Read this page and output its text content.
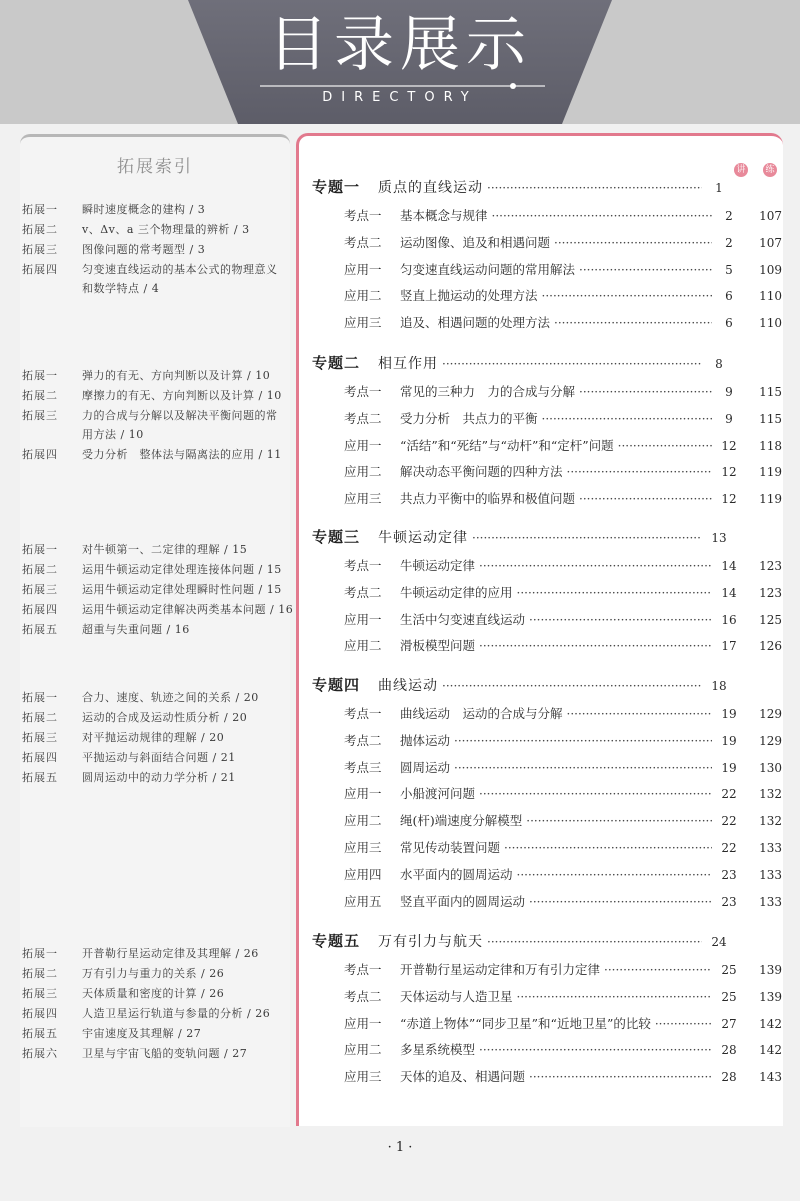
目录展示
DIRECTORY
拓展索引
拓展一	瞬时速度概念的建构 / 3
拓展二	v、Δv、a 三个物理量的辨析 / 3
拓展三	图像问题的常考题型 / 3
拓展四	匀变速直线运动的基本公式的物理意义
和数学特点 / 4
拓展一	弹力的有无、方向判断以及计算 / 10
拓展二	摩擦力的有无、方向判断以及计算 / 10
拓展三	力的合成与分解以及解决平衡问题的常
用方法 / 10
拓展四	受力分析　整体法与隔离法的应用 / 11
拓展一	对牛顿第一、二定律的理解 / 15
拓展二	运用牛顿运动定律处理连接体问题 / 15
拓展三	运用牛顿运动定律处理瞬时性问题 / 15
拓展四	运用牛顿运动定律解决两类基本问题 / 16
拓展五	超重与失重问题 / 16
拓展一	合力、速度、轨迹之间的关系 / 20
拓展二	运动的合成及运动性质分析 / 20
拓展三	对平抛运动规律的理解 / 20
拓展四	平抛运动与斜面结合问题 / 21
拓展五	圆周运动中的动力学分析 / 21
拓展一	开普勒行星运动定律及其理解 / 26
拓展二	万有引力与重力的关系 / 26
拓展三	天体质量和密度的计算 / 26
拓展四	人造卫星运行轨道与参量的分析 / 26
拓展五	宇宙速度及其理解 / 27
拓展六	卫星与宇宙飞船的变轨问题 / 27
讲 练
专题一 质点的直线运动 ·····	1
考点一	基本概念与规律 ·····	2	107
考点二	运动图像、追及和相遇问题 ·····	2	107
应用一	匀变速直线运动问题的常用解法 ·····	5	109
应用二	竖直上抛运动的处理方法 ·····	6	110
应用三	追及、相遇问题的处理方法 ·····	6	110
专题二 相互作用 ·····	8
考点一	常见的三种力　力的合成与分解 ·····	9	115
考点二	受力分析　共点力的平衡 ·····	9	115
应用一	“活结”和“死结”与“动杆”和“定杆”问题 ·····	12	118
应用二	解决动态平衡问题的四种方法 ·····	12	119
应用三	共点力平衡中的临界和极值问题 ·····	12	119
专题三 牛顿运动定律 ·····	13
考点一	牛顿运动定律 ·····	14	123
考点二	牛顿运动定律的应用 ·····	14	123
应用一	生活中匀变速直线运动 ·····	16	125
应用二	滑板模型问题 ·····	17	126
专题四 曲线运动 ·····	18
考点一	曲线运动　运动的合成与分解 ·····	19	129
考点二	抛体运动 ·····	19	129
考点三	圆周运动 ·····	19	130
应用一	小船渡河问题 ·····	22	132
应用二	绳(杆)端速度分解模型 ·····	22	132
应用三	常见传动装置问题 ·····	22	133
应用四	水平面内的圆周运动 ·····	23	133
应用五	竖直平面内的圆周运动 ·····	23	133
专题五 万有引力与航天 ·····	24
考点一	开普勒行星运动定律和万有引力定律 ·····	25	139
考点二	天体运动与人造卫星 ·····	25	139
应用一	“赤道上物体”“同步卫星”和“近地卫星”的比较 ·····	27	142
应用二	多星系统模型 ·····	28	142
应用三	天体的追及、相遇问题 ·····	28	143
· 1 ·
